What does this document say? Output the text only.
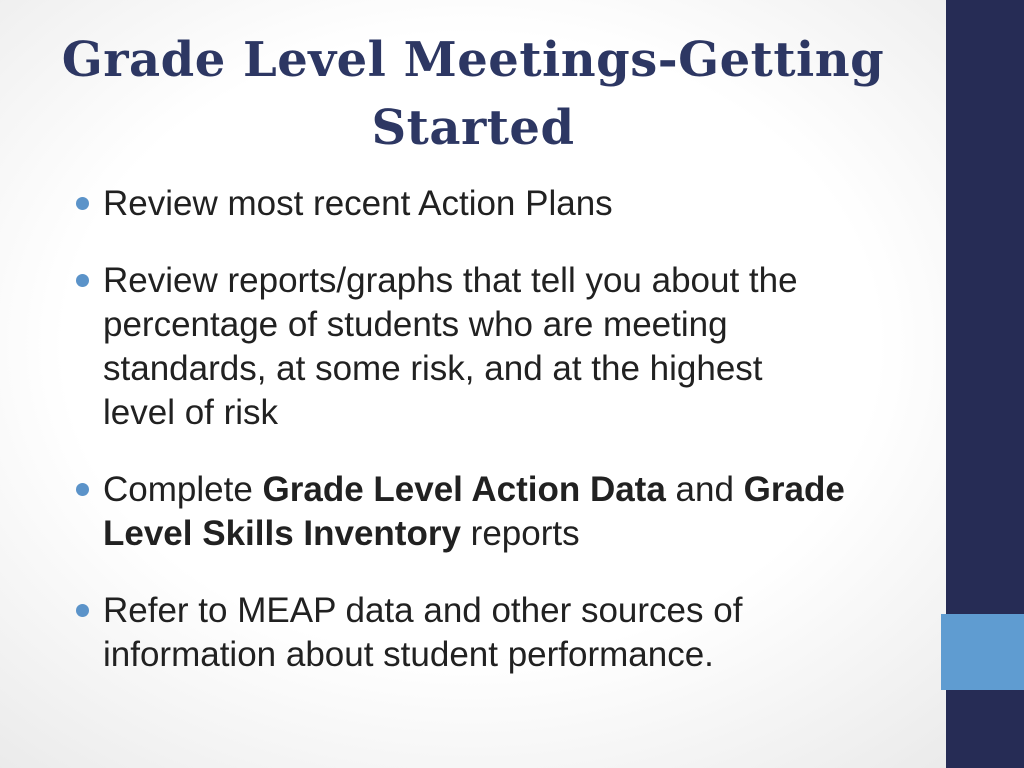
Grade Level Meetings-Getting
Started
Review most recent Action Plans
Review reports/graphs that tell you about the
percentage of students who are meeting
standards, at some risk, and at the highest
level of risk
Complete Grade Level Action Data and Grade
Level Skills Inventory reports
Refer to MEAP data and other sources of
information about student performance.
